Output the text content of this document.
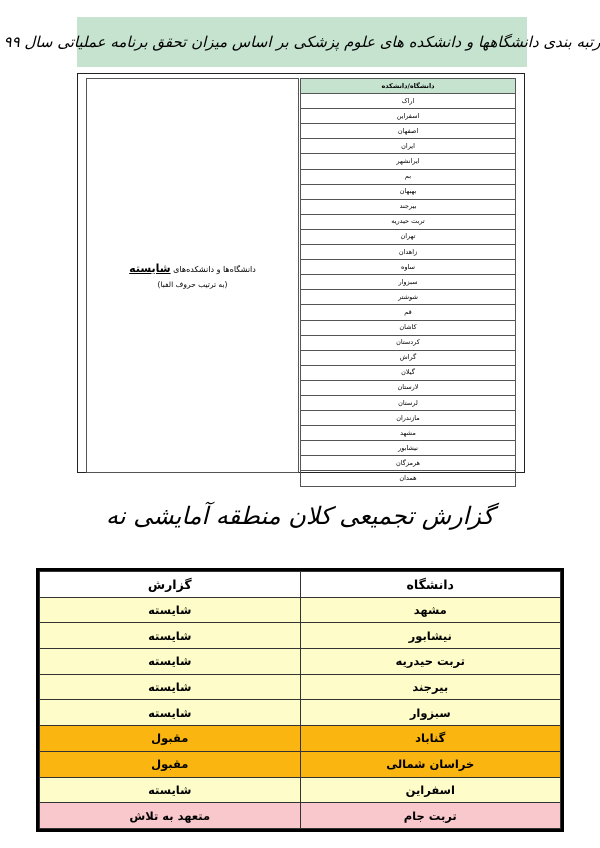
رتبه بندی دانشگاهها و دانشکده های علوم پزشکی بر اساس میزان تحقق برنامه عملیاتی سال ۹۹
دانشگاه‌ها و دانشکده‌های شایسته
(به ترتیب حروف الفبا)
دانشگاه/دانشکده
اراک
اسفراین
اصفهان
ایران
ایرانشهر
بم
بهبهان
بیرجند
تربت حیدریه
تهران
زاهدان
ساوه
سبزوار
شوشتر
قم
کاشان
کردستان
گراش
گیلان
لارستان
لرستان
مازندران
مشهد
نیشابور
هرمزگان
همدان
گزارش تجمیعی کلان منطقه آمایشی نه
گزارش	دانشگاه
شایسته	مشهد
شایسته	نیشابور
شایسته	تربت حیدریه
شایسته	بیرجند
شایسته	سبزوار
مقبول	گناباد
مقبول	خراسان شمالی
شایسته	اسفراین
متعهد به تلاش	تربت جام
